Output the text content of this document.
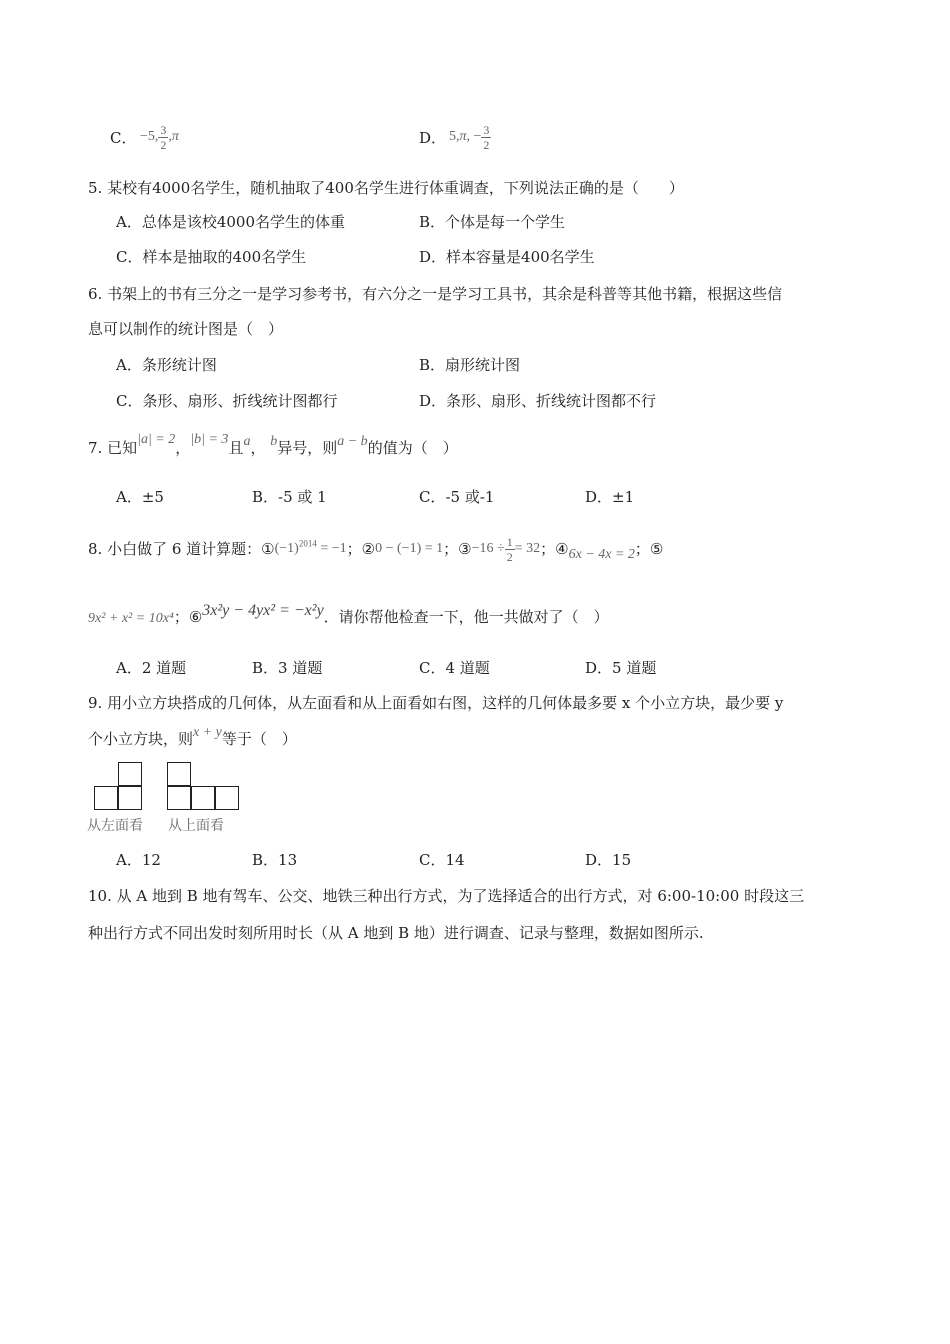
C． −5, $\frac{3}{2}$ , π	D． 5, π , − $\frac{3}{2}$
5. 某校有4000名学生，随机抽取了400名学生进行体重调查，下列说法正确的是（　　）
A．总体是该校4000名学生的体重	B．个体是每一个学生
C．样本是抽取的400名学生	D．样本容量是400名学生
6. 书架上的书有三分之一是学习参考书，有六分之一是学习工具书，其余是科普等其他书籍，根据这些信
息可以制作的统计图是（　）
A．条形统计图	B．扇形统计图
C．条形、扇形、折线统计图都行	D．条形、扇形、折线统计图都不行
7. 已知|a| = 2，|b| = 3且a， b异号，则a − b的值为（　）
A．±5	B．-5 或 1	C．-5 或-1	D．±1
8. 小白做了 6 道计算题： ① $(-1)^{2014} = -1$ ； ② 0 − (−1) = 1 ； ③ $-16 \div \frac{1}{2} = 32$ ； ④ 6x − 4x = 2 ； ⑤
9x² + x² = 10x⁴ ； ⑥ 3x²y − 4yx² = −x²y ．请你帮他检查一下，他一共做对了（　）
A．2 道题	B．3 道题	C．4 道题	D．5 道题
9. 用小立方块搭成的几何体，从左面看和从上面看如右图，这样的几何体最多要 x 个小立方块，最少要 y
个小立方块，则x + y等于（　）
从左面看 从上面看
A．12	B．13	C．14	D．15
10. 从 A 地到 B 地有驾车、公交、地铁三种出行方式，为了选择适合的出行方式，对 6:00-10:00 时段这三
种出行方式不同出发时刻所用时长（从 A 地到 B 地）进行调查、记录与整理，数据如图所示.
